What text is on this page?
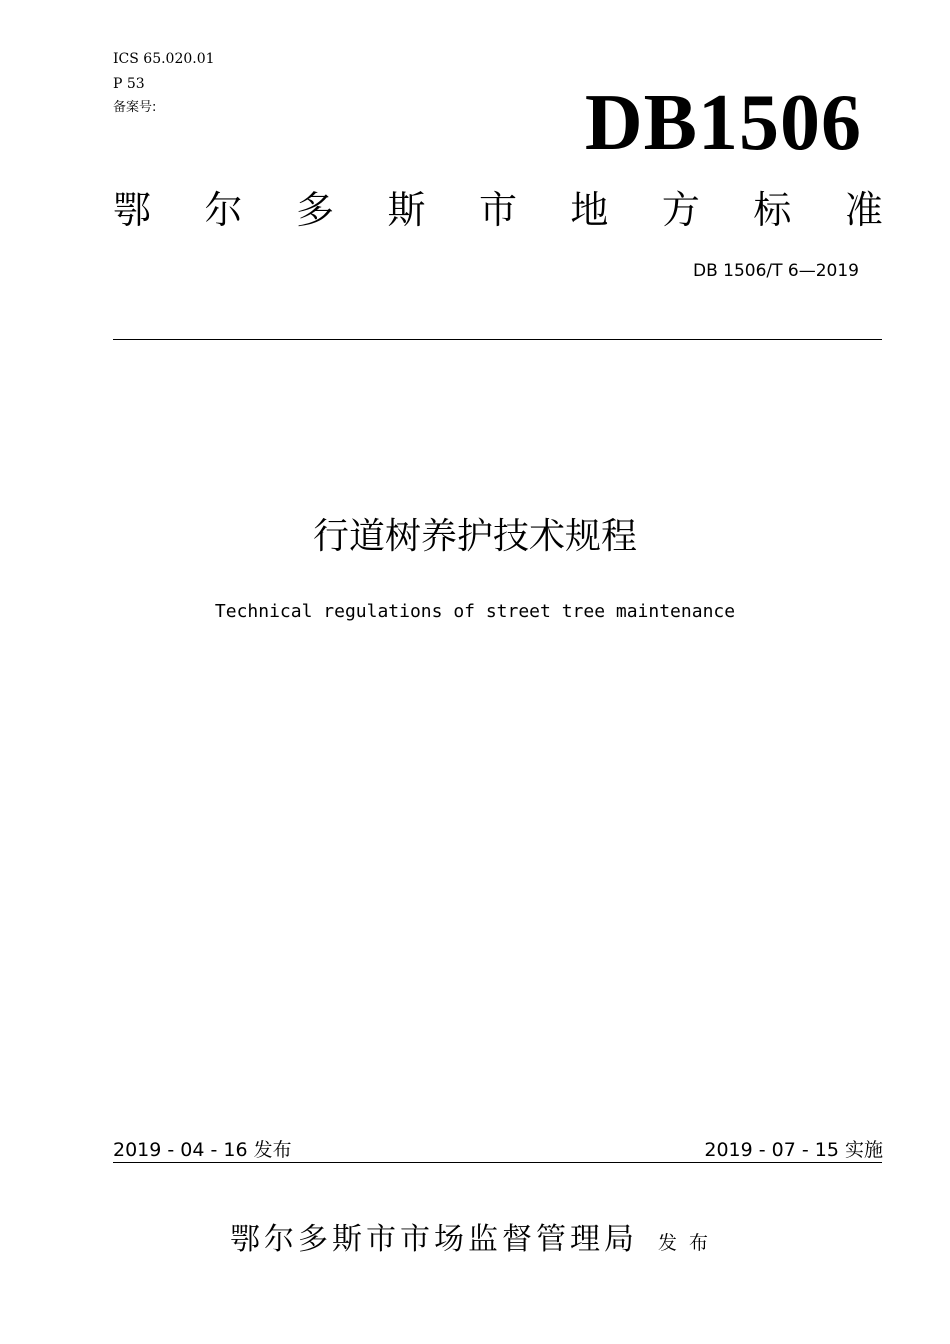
ICS 65.020.01

P 53

备案号:	DB1506

鄂 尔 多 斯 市 地 方 标 准

DB 1506/T 6—2019

行道树养护技术规程

Technical regulations of street tree maintenance

2019 - 04 - 16 发布	2019 - 07 - 15 实施

鄂尔多斯市市场监督管理局 发布
